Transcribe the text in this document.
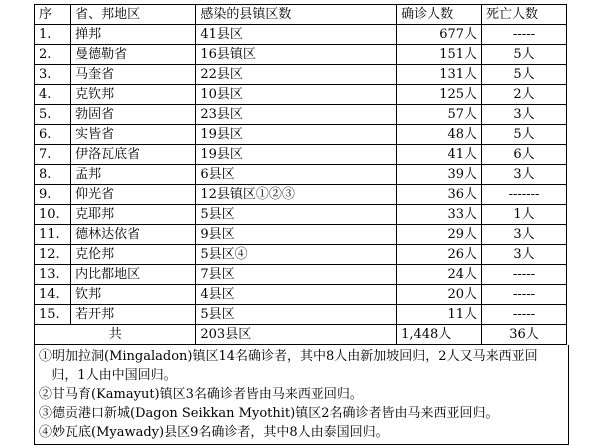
序	省、邦地区	感染的县镇区数	确诊人数	死亡人数
1.	掸邦	41县区	677人	-----
2.	曼德勒省	16县镇区	151人	5人
3.	马奎省	22县区	131人	5人
4.	克钦邦	10县区	125人	2人
5.	勃固省	23县区	57人	3人
6.	实皆省	19县区	48人	5人
7.	伊洛瓦底省	19县区	41人	6人
8.	孟邦	6县区	39人	3人
9.	仰光省	12县镇区①②③	36人	-------
10.	克耶邦	5县区	33人	1人
11.	德林达依省	9县区	29人	3人
12.	克伦邦	5县区④	26人	3人
13.	内比都地区	7县区	24人	-----
14.	钦邦	4县区	20人	-----
15.	若开邦	5县区	11人	-----
共		203县区	1,448人	36人
①明加拉洞(Mingaladon)镇区14名确诊者，其中8人由新加坡回归，2人又马来西亚回
归，1人由中国回归。
②甘马育(Kamayut)镇区3名确诊者皆由马来西亚回归。
③德贡港口新城(Dagon Seikkan Myothit)镇区2名确诊者皆由马来西亚回归。
④妙瓦底(Myawady)县区9名确诊者，其中8人由泰国回归。
